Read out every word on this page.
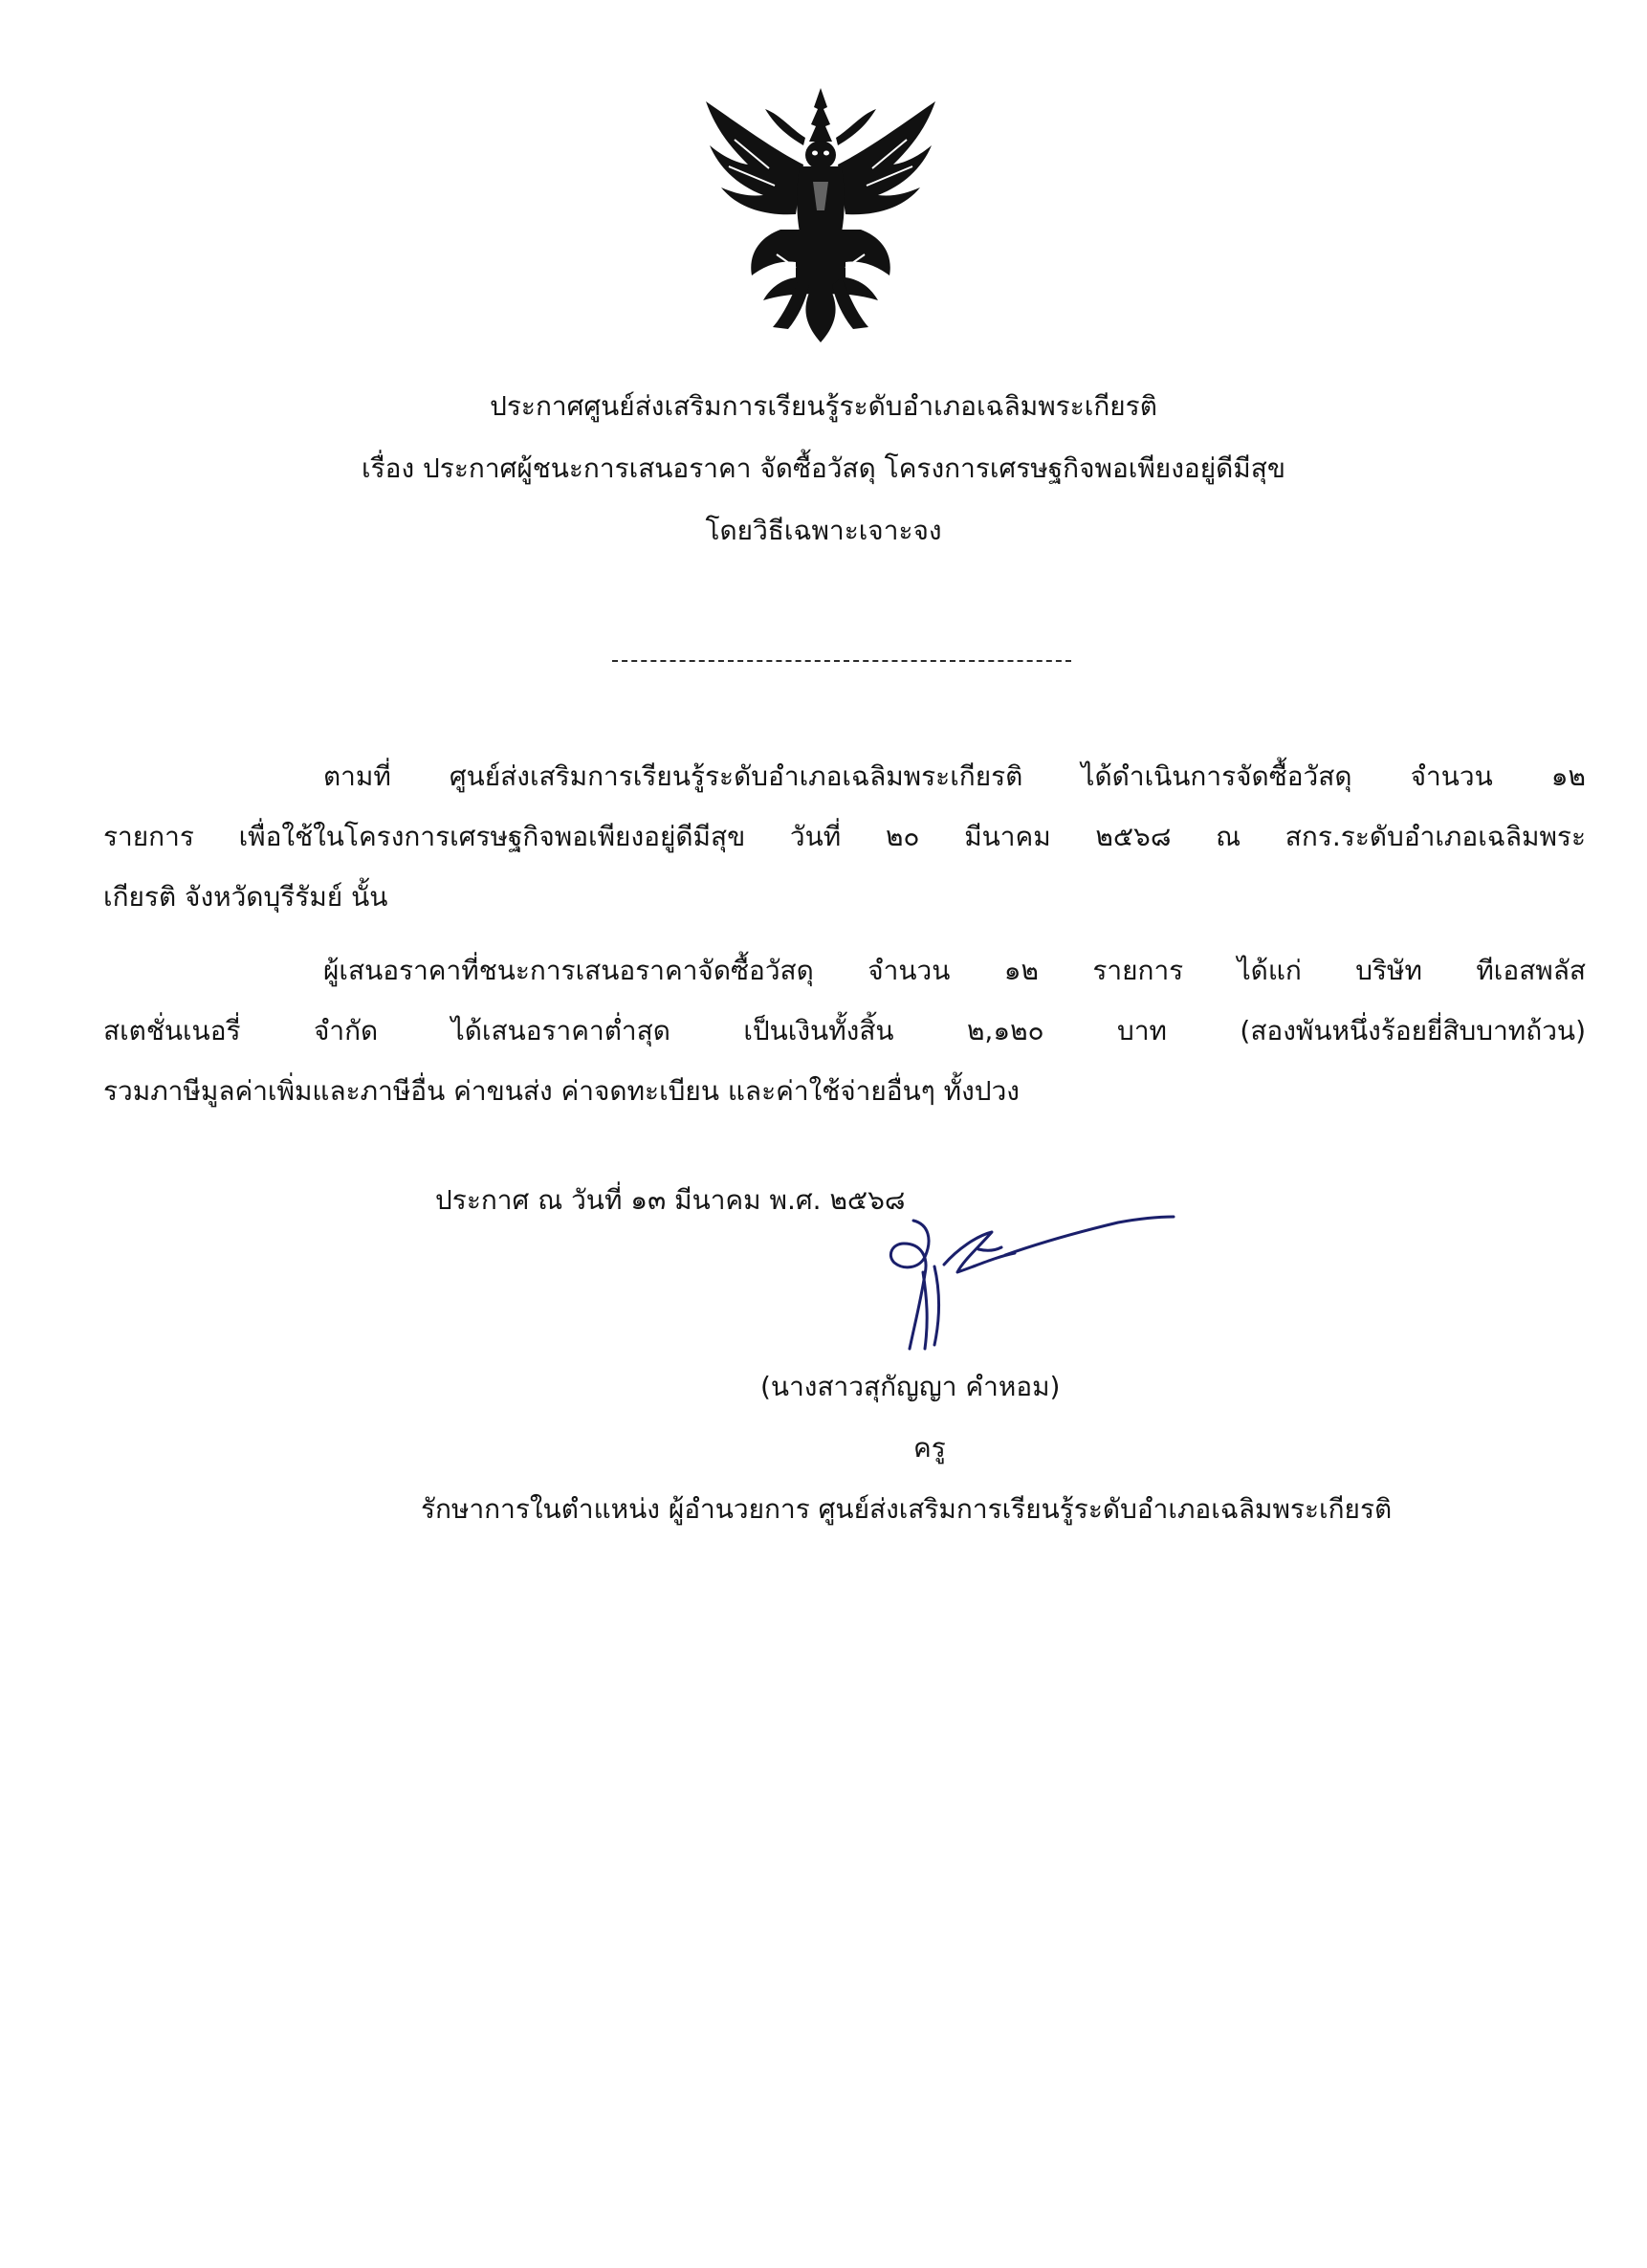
ประกาศศูนย์ส่งเสริมการเรียนรู้ระดับอำเภอเฉลิมพระเกียรติ
เรื่อง ประกาศผู้ชนะการเสนอราคา จัดซื้อวัสดุ โครงการเศรษฐกิจพอเพียงอยู่ดีมีสุข
โดยวิธีเฉพาะเจาะจง
ตามที่ ศูนย์ส่งเสริมการเรียนรู้ระดับอำเภอเฉลิมพระเกียรติ ได้ดำเนินการจัดซื้อวัสดุ จำนวน ๑๒
รายการ เพื่อใช้ในโครงการเศรษฐกิจพอเพียงอยู่ดีมีสุข วันที่ ๒๐ มีนาคม ๒๕๖๘ ณ สกร.ระดับอำเภอเฉลิมพระ
เกียรติ จังหวัดบุรีรัมย์ นั้น
ผู้เสนอราคาที่ชนะการเสนอราคาจัดซื้อวัสดุ จำนวน ๑๒ รายการ ได้แก่ บริษัท ทีเอสพลัส
สเตชั่นเนอรี่ จำกัด ได้เสนอราคาต่ำสุด เป็นเงินทั้งสิ้น ๒,๑๒๐ บาท (สองพันหนึ่งร้อยยี่สิบบาทถ้วน)
รวมภาษีมูลค่าเพิ่มและภาษีอื่น ค่าขนส่ง ค่าจดทะเบียน และค่าใช้จ่ายอื่นๆ ทั้งปวง
ประกาศ ณ วันที่ ๑๓ มีนาคม พ.ศ. ๒๕๖๘
(นางสาวสุกัญญา คำหอม)
ครู
รักษาการในตำแหน่ง ผู้อำนวยการ ศูนย์ส่งเสริมการเรียนรู้ระดับอำเภอเฉลิมพระเกียรติ
